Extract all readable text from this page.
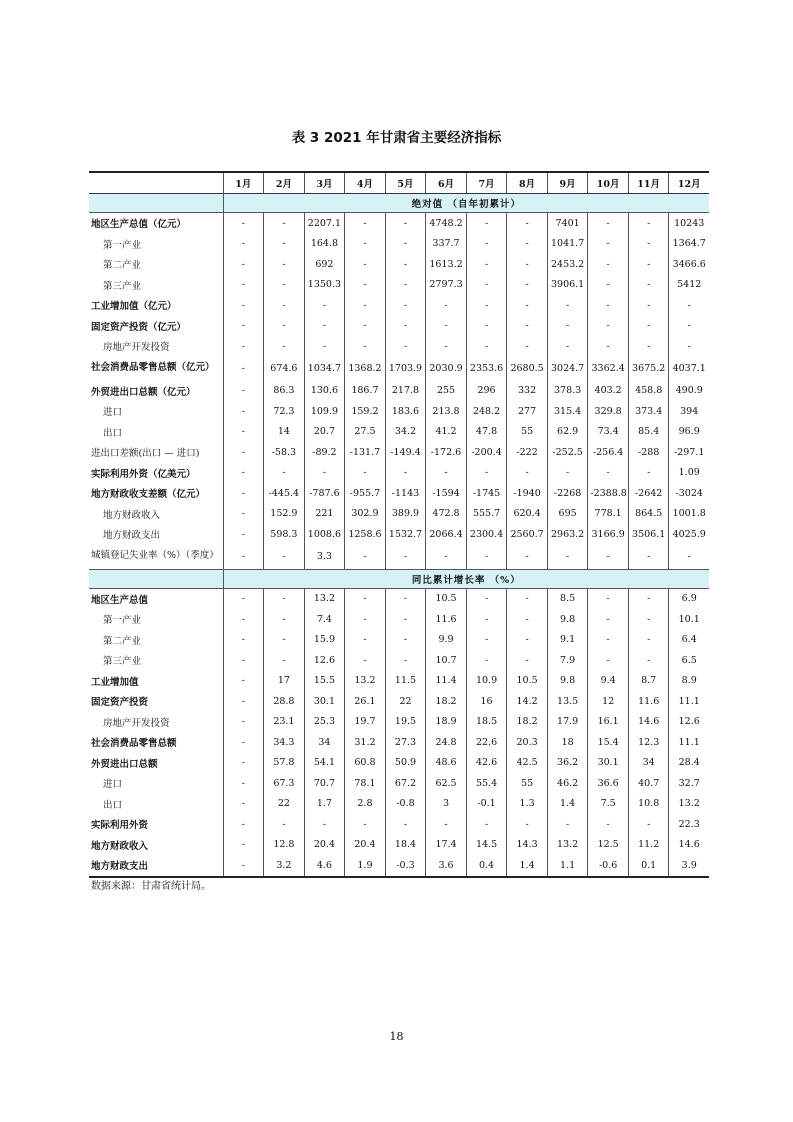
表 3 2021 年甘肃省主要经济指标
	1月	2月	3月	4月	5月	6月	7月	8月	9月	10月	11月	12月
	绝对值 （自年初累计）											
地区生产总值（亿元）	-	-	2207.1	-	-	4748.2	-	-	7401	-	-	10243
第一产业	-	-	164.8	-	-	337.7	-	-	1041.7	-	-	1364.7
第二产业	-	-	692	-	-	1613.2	-	-	2453.2	-	-	3466.6
第三产业	-	-	1350.3	-	-	2797.3	-	-	3906.1	-	-	5412
工业增加值（亿元）	-	-	-	-	-	-	-	-	-	-	-	-
固定资产投资（亿元）	-	-	-	-	-	-	-	-	-	-	-	-
房地产开发投资	-	-	-	-	-	-	-	-	-	-	-	-
社会消费品零售总额（亿元）	-	674.6	1034.7	1368.2	1703.9	2030.9	2353.6	2680.5	3024.7	3362.4	3675.2	4037.1
外贸进出口总额（亿元）	-	86.3	130.6	186.7	217.8	255	296	332	378.3	403.2	458.8	490.9
进口	-	72.3	109.9	159.2	183.6	213.8	248.2	277	315.4	329.8	373.4	394
出口	-	14	20.7	27.5	34.2	41.2	47.8	55	62.9	73.4	85.4	96.9
进出口差额(出口 — 进口)	-	-58.3	-89.2	-131.7	-149.4	-172.6	-200.4	-222	-252.5	-256.4	-288	-297.1
实际利用外资（亿美元）	-	-	-	-	-	-	-	-	-	-	-	1.09
地方财政收支差额（亿元）	-	-445.4	-787.6	-955.7	-1143	-1594	-1745	-1940	-2268	-2388.8	-2642	-3024
地方财政收入	-	152.9	221	302.9	389.9	472.8	555.7	620.4	695	778.1	864.5	1001.8
地方财政支出	-	598.3	1008.6	1258.6	1532.7	2066.4	2300.4	2560.7	2963.2	3166.9	3506.1	4025.9
城镇登记失业率（%）（季度）	-	-	3.3	-	-	-	-	-	-	-	-	-
	同比累计增长率 （%）											
地区生产总值	-	-	13.2	-	-	10.5	-	-	8.5	-	-	6.9
第一产业	-	-	7.4	-	-	11.6	-	-	9.8	-	-	10.1
第二产业	-	-	15.9	-	-	9.9	-	-	9.1	-	-	6.4
第三产业	-	-	12.6	-	-	10.7	-	-	7.9	-	-	6.5
工业增加值	-	17	15.5	13.2	11.5	11.4	10.9	10.5	9.8	9.4	8.7	8.9
固定资产投资	-	28.8	30.1	26.1	22	18.2	16	14.2	13.5	12	11.6	11.1
房地产开发投资	-	23.1	25.3	19.7	19.5	18.9	18.5	18.2	17.9	16.1	14.6	12.6
社会消费品零售总额	-	34.3	34	31.2	27.3	24.8	22.6	20.3	18	15.4	12.3	11.1
外贸进出口总额	-	57.8	54.1	60.8	50.9	48.6	42.6	42.5	36.2	30.1	34	28.4
进口	-	67.3	70.7	78.1	67.2	62.5	55.4	55	46.2	36.6	40.7	32.7
出口	-	22	1.7	2.8	-0.8	3	-0.1	1.3	1.4	7.5	10.8	13.2
实际利用外资	-	-	-	-	-	-	-	-	-	-	-	22.3
地方财政收入	-	12.8	20.4	20.4	18.4	17.4	14.5	14.3	13.2	12.5	11.2	14.6
地方财政支出	-	3.2	4.6	1.9	-0.3	3.6	0.4	1.4	1.1	-0.6	0.1	3.9
数据来源：甘肃省统计局。
18
